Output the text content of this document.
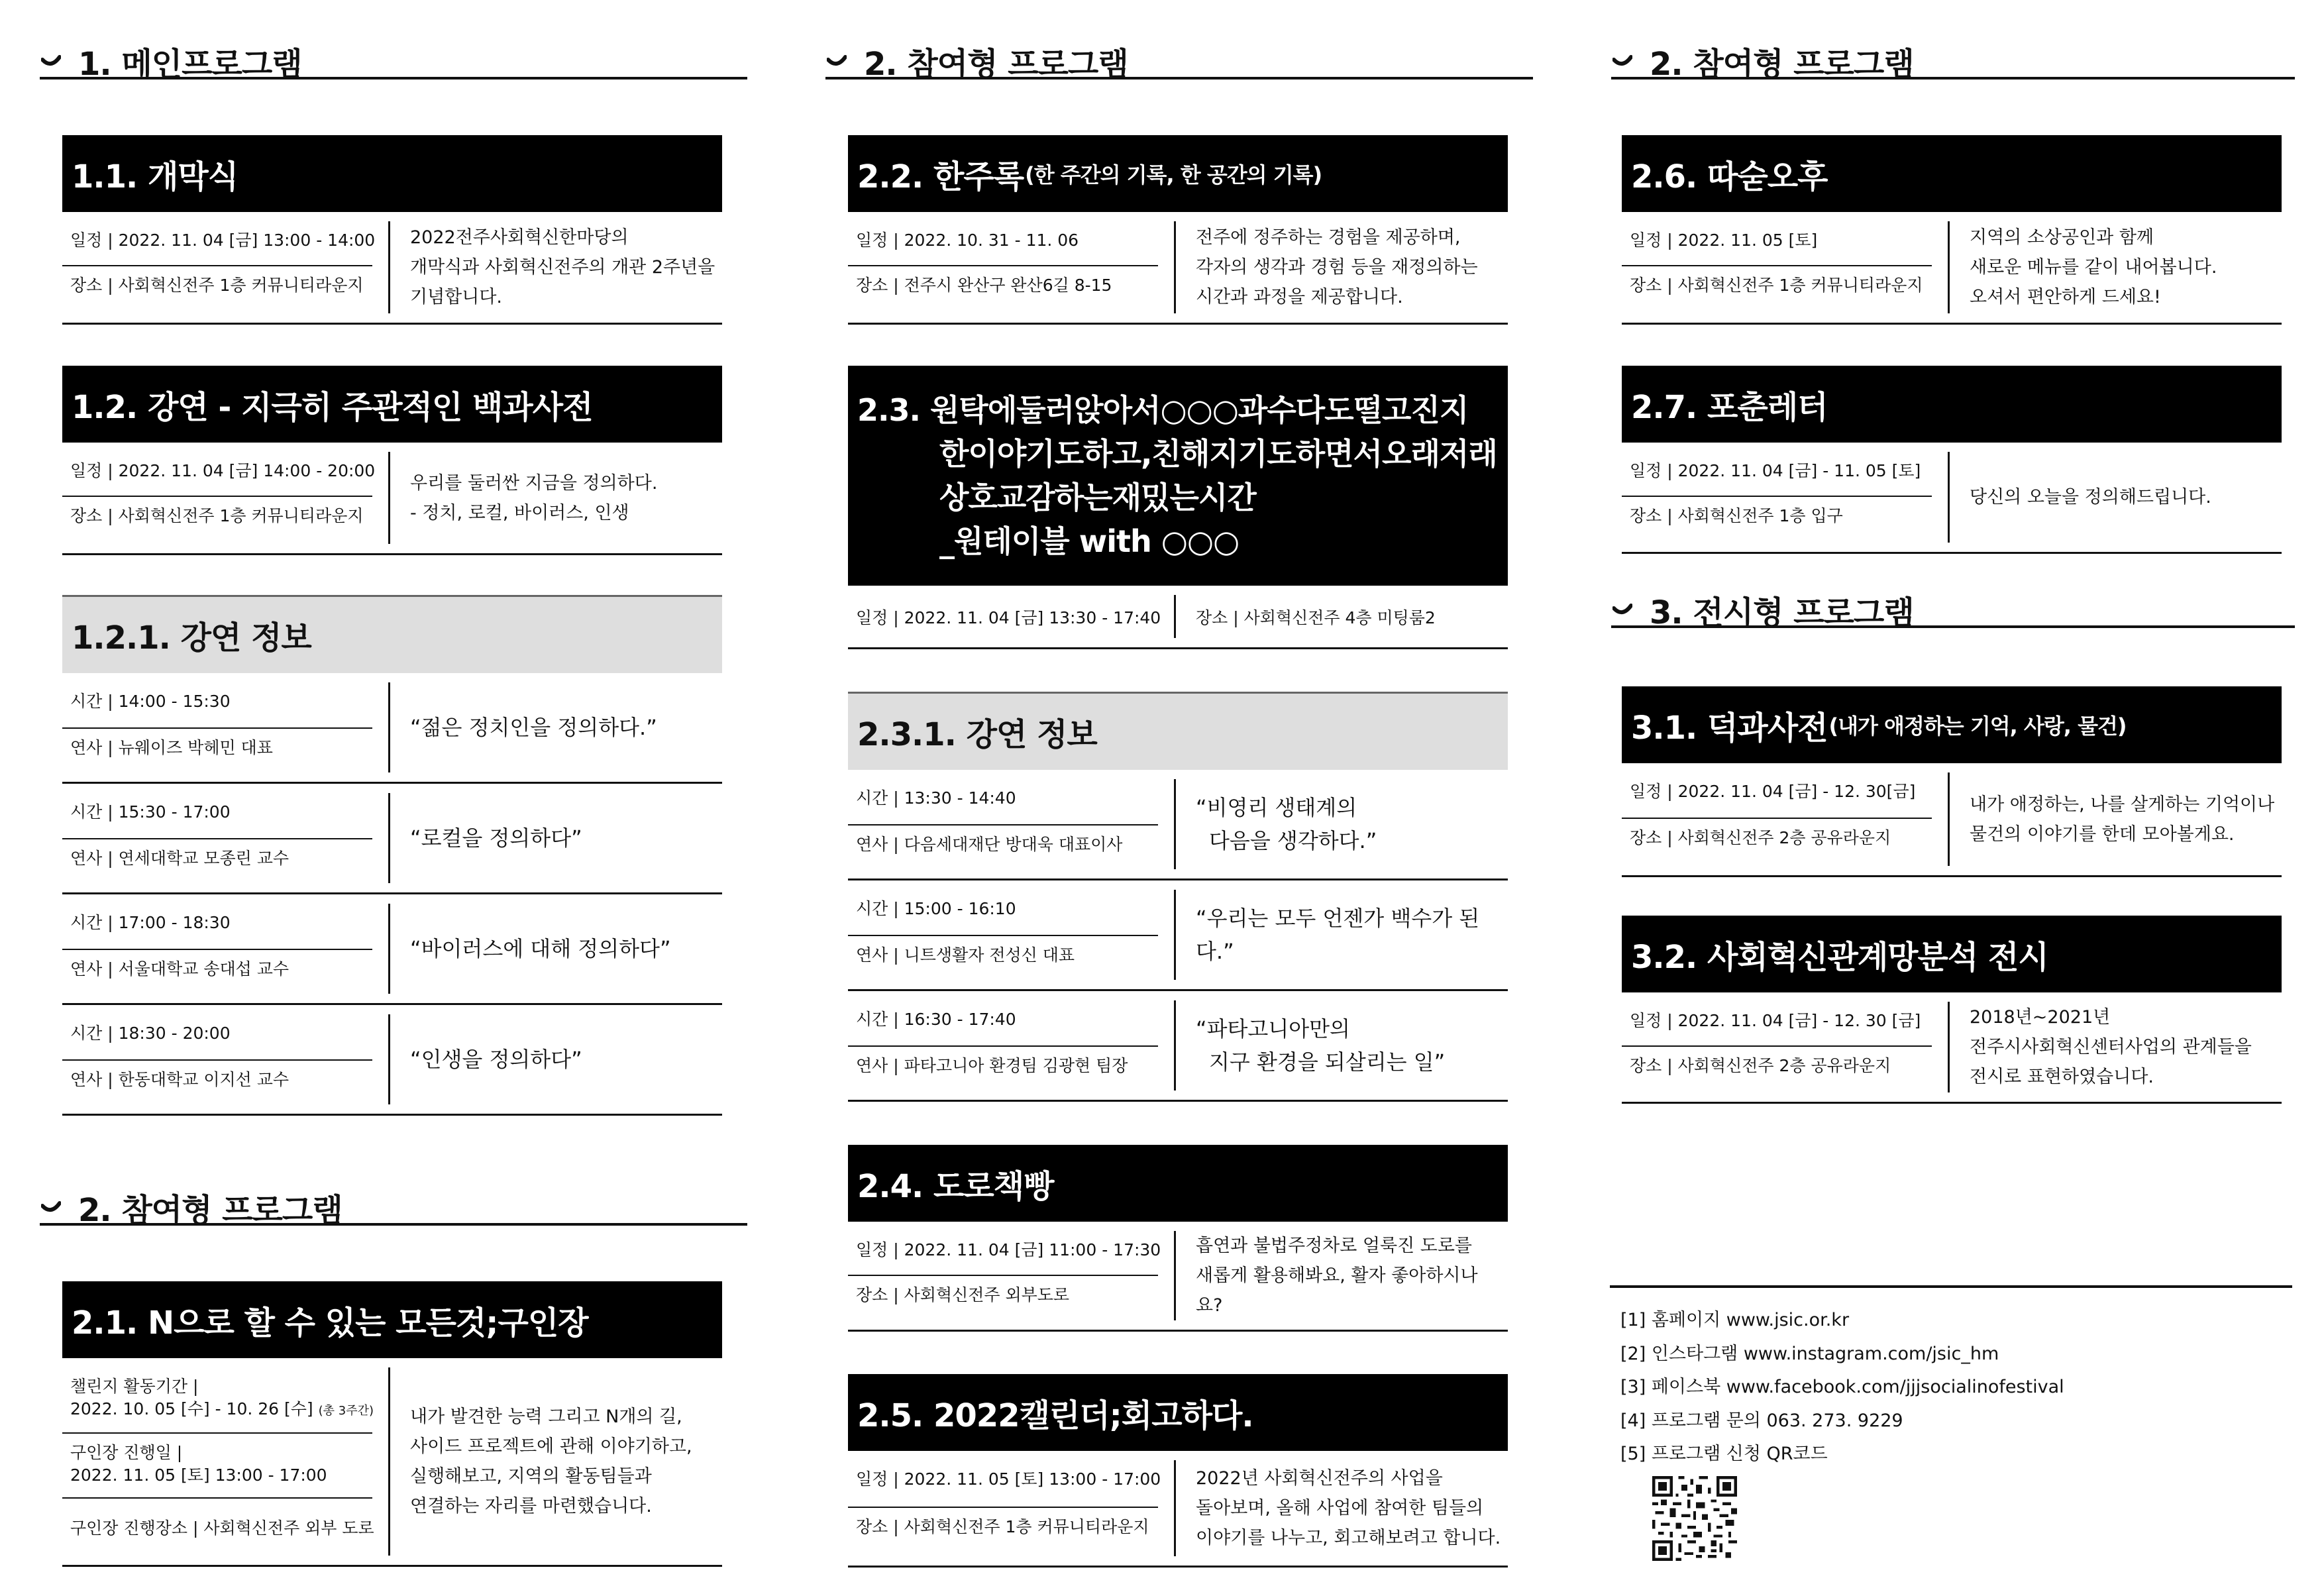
1. 메인프로그램
1.1. 개막식
일정 | 2022. 11. 04 [금] 13:00 - 14:00
장소 | 사회혁신전주 1층 커뮤니티라운지
2022전주사회혁신한마당의
개막식과 사회혁신전주의 개관 2주년을
기념합니다.
1.2. 강연 - 지극히 주관적인 백과사전
일정 | 2022. 11. 04 [금] 14:00 - 20:00
장소 | 사회혁신전주 1층 커뮤니티라운지
우리를 둘러싼 지금을 정의하다.
- 정치, 로컬, 바이러스, 인생
1.2.1. 강연 정보
시간 | 14:00 - 15:30
연사 | 뉴웨이즈 박헤민 대표
“젊은 정치인을 정의하다.”
시간 | 15:30 - 17:00
연사 | 연세대학교 모종린 교수
“로컬을 정의하다”
시간 | 17:00 - 18:30
연사 | 서울대학교 송대섭 교수
“바이러스에 대해 정의하다”
시간 | 18:30 - 20:00
연사 | 한동대학교 이지선 교수
“인생을 정의하다”
2. 참여형 프로그램
2.1. N으로 할 수 있는 모든것;구인장
챌린지 활동기간 |
2022. 10. 05 [수] - 10. 26 [수] (총 3주간)
구인장 진행일 |
2022. 11. 05 [토] 13:00 - 17:00
구인장 진행장소 | 사회혁신전주 외부 도로
내가 발견한 능력 그리고 N개의 길,
사이드 프로젝트에 관해 이야기하고,
실행해보고, 지역의 활동팀들과
연결하는 자리를 마련했습니다.
2. 참여형 프로그램
2.2. 한주록 (한 주간의 기록, 한 공간의 기록)
일정 | 2022. 10. 31 - 11. 06
장소 | 전주시 완산구 완산6길 8-15
전주에 정주하는 경험을 제공하며,
각자의 생각과 경험 등을 재정의하는
시간과 과정을 제공합니다.
2.3. 원탁에둘러앉아서○○○과수다도떨고진지
한이야기도하고,친해지기도하면서오래저래
상호교감하는재밌는시간
_원테이블 with ○○○
일정 | 2022. 11. 04 [금] 13:30 - 17:40	장소 | 사회혁신전주 4층 미팅룸2
2.3.1. 강연 정보
시간 | 13:30 - 14:40
연사 | 다음세대재단 방대욱 대표이사
“비영리 생태계의
다음을 생각하다.”
시간 | 15:00 - 16:10
연사 | 니트생활자 전성신 대표
“우리는 모두 언젠가 백수가 된다.”
시간 | 16:30 - 17:40
연사 | 파타고니아 환경팀 김광현 팀장
“파타고니아만의
지구 환경을 되살리는 일”
2.4. 도로책빵
일정 | 2022. 11. 04 [금] 11:00 - 17:30
장소 | 사회혁신전주 외부도로
흡연과 불법주정차로 얼룩진 도로를
새롭게 활용해봐요, 활자 좋아하시나요?
2.5. 2022캘린더;회고하다.
일정 | 2022. 11. 05 [토] 13:00 - 17:00
장소 | 사회혁신전주 1층 커뮤니티라운지
2022년 사회혁신전주의 사업을
돌아보며, 올해 사업에 참여한 팀들의
이야기를 나누고, 회고해보려고 합니다.
2. 참여형 프로그램
2.6. 따숟오후
일정 | 2022. 11. 05 [토]
장소 | 사회혁신전주 1층 커뮤니티라운지
지역의 소상공인과 함께
새로운 메뉴를 같이 내어봅니다.
오셔서 편안하게 드세요!
2.7. 포춘레터
일정 | 2022. 11. 04 [금] - 11. 05 [토]
장소 | 사회혁신전주 1층 입구
당신의 오늘을 정의해드립니다.
3. 전시형 프로그램
3.1. 덕과사전 (내가 애정하는 기억, 사랑, 물건)
일정 | 2022. 11. 04 [금] - 12. 30[금]
장소 | 사회혁신전주 2층 공유라운지
내가 애정하는, 나를 살게하는 기억이나
물건의 이야기를 한데 모아볼게요.
3.2. 사회혁신관계망분석 전시
일정 | 2022. 11. 04 [금] - 12. 30 [금]
장소 | 사회혁신전주 2층 공유라운지
2018년~2021년
전주시사회혁신센터사업의 관계들을
전시로 표현하였습니다.
[1] 홈페이지 www.jsic.or.kr
[2] 인스타그램 www.instagram.com/jsic_hm
[3] 페이스북 www.facebook.com/jjjsocialinofestival
[4] 프로그램 문의 063. 273. 9229
[5] 프로그램 신청 QR코드
